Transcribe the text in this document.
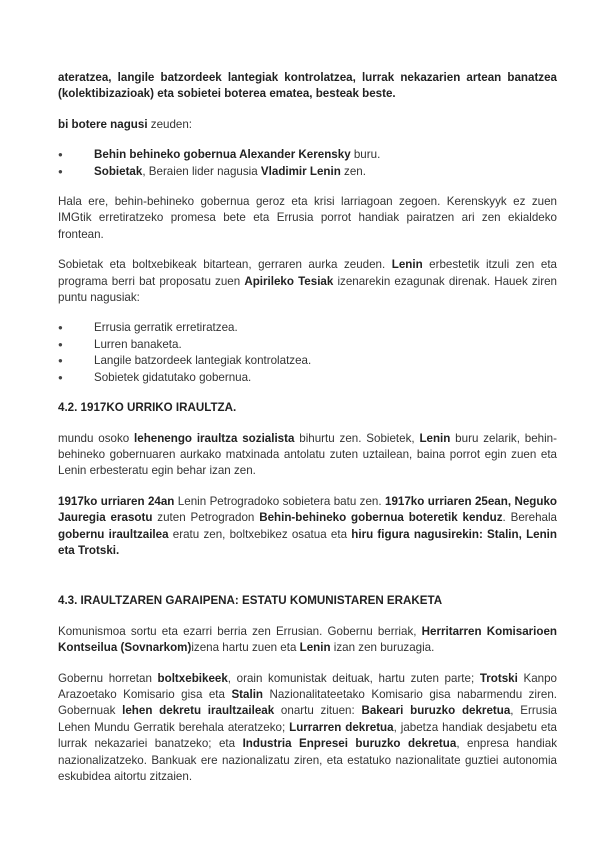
ateratzea, langile batzordeek lantegiak kontrolatzea, lurrak nekazarien artean banatzea (kolektibizazioak) eta sobietei boterea ematea, besteak beste.

bi botere nagusi zeuden:

● Behin behineko gobernua Alexander Kerensky buru.
● Sobietak, Beraien lider nagusia Vladimir Lenin zen.

Hala ere, behin-behineko gobernua geroz eta krisi larriagoan zegoen. Kerenskyyk ez zuen IMGtik erretiratzeko promesa bete eta Errusia porrot handiak pairatzen ari zen ekialdeko frontean.

Sobietak eta boltxebikeak bitartean, gerraren aurka zeuden. Lenin erbestetik itzuli zen eta programa berri bat proposatu zuen Apirileko Tesiak izenarekin ezagunak direnak. Hauek ziren puntu nagusiak:

● Errusia gerratik erretiratzea.
● Lurren banaketa.
● Langile batzordeek lantegiak kontrolatzea.
● Sobietek gidatutako gobernua.
4.2. 1917KO URRIKO IRAULTZA.

mundu osoko lehenengo iraultza sozialista bihurtu zen. Sobietek, Lenin buru zelarik, behin-behineko gobernuaren aurkako matxinada antolatu zuten uztailean, baina porrot egin zuen eta Lenin erbesteratu egin behar izan zen.

1917ko urriaren 24an Lenin Petrogradoko sobietera batu zen. 1917ko urriaren 25ean, Neguko Jauregia erasotu zuten Petrogradon Behin-behineko gobernua boteretik kenduz. Berehala gobernu iraultzailea eratu zen, boltxebikez osatua eta hiru figura nagusirekin: Stalin, Lenin eta Trotski.

4.3. IRAULTZAREN GARAIPENA: ESTATU KOMUNISTAREN ERAKETA

Komunismoa sortu eta ezarri berria zen Errusian. Gobernu berriak, Herritarren Komisarioen Kontseilua (Sovnarkom)izena hartu zuen eta Lenin izan zen buruzagia.

Gobernu horretan boltxebikeek, orain komunistak deituak, hartu zuten parte; Trotski Kanpo Arazoetako Komisario gisa eta Stalin Nazionalitateetako Komisario gisa nabarmendu ziren. Gobernuak lehen dekretu iraultzaileak onartu zituen: Bakeari buruzko dekretua, Errusia Lehen Mundu Gerratik berehala ateratzeko; Lurrarren dekretua, jabetza handiak desjabetu eta lurrak nekazariei banatzeko; eta Industria Enpresei buruzko dekretua, enpresa handiak nazionalizatzeko. Bankuak ere nazionalizatu ziren, eta estatuko nazionalitate guztiei autonomia eskubidea aitortu zitzaien.
